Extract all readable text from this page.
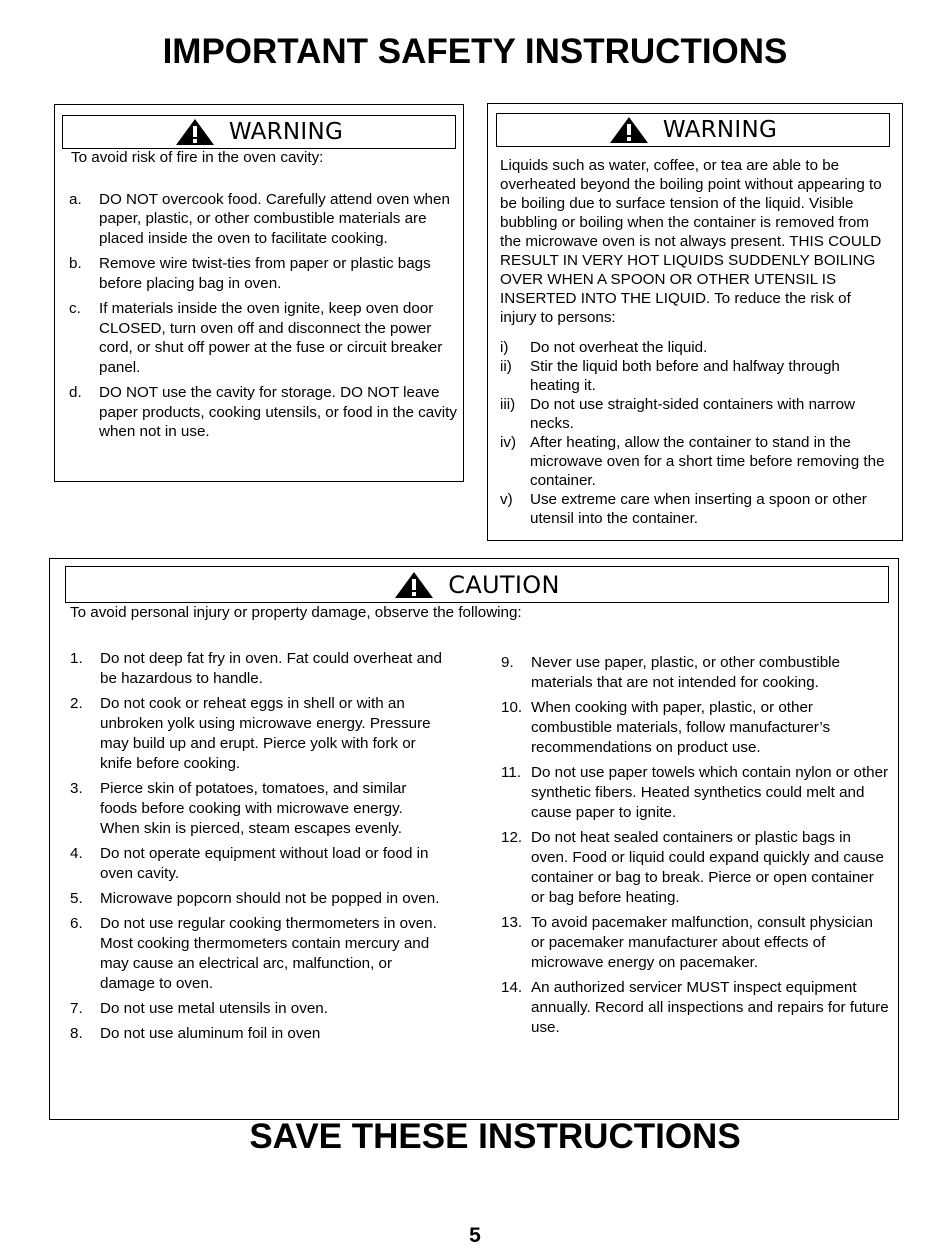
IMPORTANT SAFETY INSTRUCTIONS
WARNING

To avoid risk of fire in the oven cavity:

a.	DO NOT overcook food. Carefully attend oven when paper, plastic, or other combustible materials are placed inside the oven to facilitate cooking.
b.	Remove wire twist-ties from paper or plastic bags before placing bag in oven.
c.	If materials inside the oven ignite, keep oven door CLOSED, turn oven off and disconnect the power cord, or shut off power at the fuse or circuit breaker panel.
d.	DO NOT use the cavity for storage. DO NOT leave paper products, cooking utensils, or food in the cavity when not in use.
WARNING

Liquids such as water, coffee, or tea are able to be overheated beyond the boiling point without appearing to be boiling due to surface tension of the liquid. Visible bubbling or boiling when the container is removed from the microwave oven is not always present. THIS COULD RESULT IN VERY HOT LIQUIDS SUDDENLY BOILING OVER WHEN A SPOON OR OTHER UTENSIL IS INSERTED INTO THE LIQUID. To reduce the risk of injury to persons:

i)	Do not overheat the liquid.
ii)	Stir the liquid both before and halfway through heating it.
iii) Do not use straight-sided containers with narrow necks.
iv) After heating, allow the container to stand in the microwave oven for a short time before removing the container.
v)	Use extreme care when inserting a spoon or other utensil into the container.
CAUTION

To avoid personal injury or property damage, observe the following:

1.	Do not deep fat fry in oven. Fat could overheat and be hazardous to handle.
2.	Do not cook or reheat eggs in shell or with an unbroken yolk using microwave energy. Pressure may build up and erupt. Pierce yolk with fork or knife before cooking.
3.	Pierce skin of potatoes, tomatoes, and similar foods before cooking with microwave energy. When skin is pierced, steam escapes evenly.
4.	Do not operate equipment without load or food in oven cavity.
5.	Microwave popcorn should not be popped in oven.
6.	Do not use regular cooking thermometers in oven. Most cooking thermometers contain mercury and may cause an electrical arc, malfunction, or damage to oven.
7.	Do not use metal utensils in oven.
8.	Do not use aluminum foil in oven
9.	Never use paper, plastic, or other combustible materials that are not intended for cooking.
10. When cooking with paper, plastic, or other combustible materials, follow manufacturer’s recommendations on product use.
11. Do not use paper towels which contain nylon or other synthetic fibers. Heated synthetics could melt and cause paper to ignite.
12. Do not heat sealed containers or plastic bags in oven. Food or liquid could expand quickly and cause container or bag to break. Pierce or open container or bag before heating.
13. To avoid pacemaker malfunction, consult physician or pacemaker manufacturer about effects of microwave energy on pacemaker.
14. An authorized servicer MUST inspect equipment annually. Record all inspections and repairs for future use.
SAVE THESE INSTRUCTIONS
5
